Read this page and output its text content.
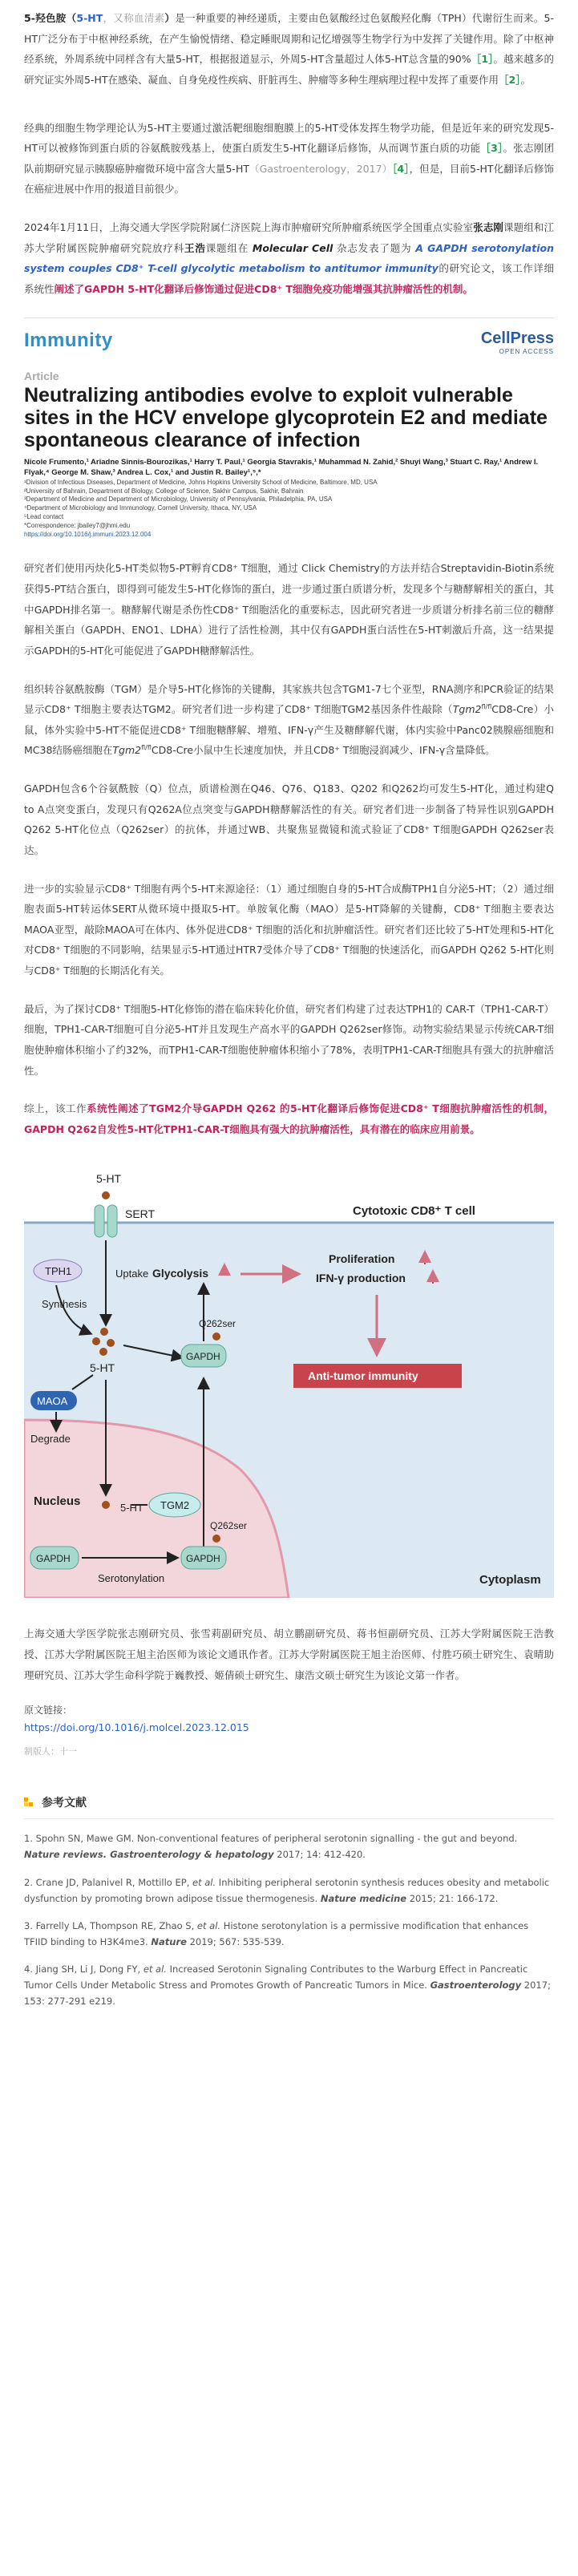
5-羟色胺（5-HT，又称血清素）是一种重要的神经递质，主要由色氨酸经过色氨酸羟化酶（TPH）代谢衍生而来。5-HT广泛分布于中枢神经系统，在产生愉悦情绪、稳定睡眠周期和记忆增强等生物学行为中发挥了关键作用。除了中枢神经系统，外周系统中同样含有大量5-HT，根据报道显示，外周5-HT含量超过人体5-HT总含量的90%［1］。越来越多的研究证实外周5-HT在感染、凝血、自身免疫性疾病、肝脏再生、肿瘤等多种生理病理过程中发挥了重要作用［2］。

经典的细胞生物学理论认为5-HT主要通过激活靶细胞细胞膜上的5-HT受体发挥生物学功能，但是近年来的研究发现5-HT可以被修饰到蛋白质的谷氨酰胺残基上，使蛋白质发生5-HT化翻译后修饰，从而调节蛋白质的功能［3］。张志刚团队前期研究显示胰腺癌肿瘤微环境中富含大量5-HT（Gastroenterology，2017）［4］，但是，目前5-HT化翻译后修饰在癌症进展中作用的报道目前很少。

2024年1月11日，上海交通大学医学院附属仁济医院上海市肿瘤研究所肿瘤系统医学全国重点实验室张志刚课题组和江苏大学附属医院肿瘤研究院放疗科王浩课题组在 Molecular Cell 杂志发表了题为 A GAPDH serotonylation system couples CD8⁺ T-cell glycolytic metabolism to antitumor immunity的研究论文，该工作详细系统性阐述了GAPDH 5-HT化翻译后修饰通过促进CD8⁺ T细胞免疫功能增强其抗肿瘤活性的机制。

Immunity	CellPress
OPEN ACCESS
Article
Neutralizing antibodies evolve to exploit vulnerable sites in the HCV envelope glycoprotein E2 and mediate spontaneous clearance of infection
Nicole Frumento,¹ Ariadne Sinnis-Bourozikas,¹ Harry T. Paul,¹ Georgia Stavrakis,¹ Muhammad N. Zahid,² Shuyi Wang,³ Stuart C. Ray,¹ Andrew I. Flyak,⁴ George M. Shaw,³ Andrea L. Cox,¹ and Justin R. Bailey¹,⁵,*
¹Division of Infectious Diseases, Department of Medicine, Johns Hopkins University School of Medicine, Baltimore, MD, USA
²University of Bahrain, Department of Biology, College of Science, Sakhir Campus, Sakhir, Bahrain
³Department of Medicine and Department of Microbiology, University of Pennsylvania, Philadelphia, PA, USA
⁴Department of Microbiology and Immunology, Cornell University, Ithaca, NY, USA
⁵Lead contact
*Correspondence: jbailey7@jhmi.edu
https://doi.org/10.1016/j.immuni.2023.12.004

研究者们使用丙炔化5-HT类似物5-PT孵育CD8⁺ T细胞，通过 Click Chemistry的方法并结合Streptavidin-Biotin系统获得5-PT结合蛋白，即得到可能发生5-HT化修饰的蛋白，进一步通过蛋白质谱分析，发现多个与糖酵解相关的蛋白，其中GAPDH排名第一。糖酵解代谢是杀伤性CD8⁺ T细胞活化的重要标志，因此研究者进一步质谱分析排名前三位的糖酵解相关蛋白（GAPDH、ENO1、LDHA）进行了活性检测，其中仅有GAPDH蛋白活性在5-HT刺激后升高，这一结果提示GAPDH的5-HT化可能促进了GAPDH糖酵解活性。

组织转谷氨酰胺酶（TGM）是介导5-HT化修饰的关键酶，其家族共包含TGM1-7七个亚型，RNA测序和PCR验证的结果显示CD8⁺ T细胞主要表达TGM2。研究者们进一步构建了CD8⁺ T细胞TGM2基因条件性敲除$(Tgm2^{fl/fl}CD8-Cre)$小鼠，体外实验中5-HT不能促进CD8⁺ T细胞糖酵解、增殖、IFN-γ产生及糖酵解代谢，体内实验中Panc02胰腺癌细胞和MC38结肠癌细胞在$Tgm2^{fl/fl}CD8$-Cre小鼠中生长速度加快，并且CD8⁺ T细胞浸润减少、IFN-γ含量降低。

GAPDH包含6个谷氨酰胺（Q）位点，质谱检测在Q46、Q76、Q183、Q202 和Q262均可发生5-HT化，通过构建Q to A点突变蛋白，发现只有Q262A位点突变与GAPDH糖酵解活性的有关。研究者们进一步制备了特异性识别GAPDH Q262 5-HT化位点（Q262ser）的抗体，并通过WB、共聚焦显微镜和流式验证了CD8⁺ T细胞GAPDH Q262ser表达。

进一步的实验显示CD8⁺ T细胞有两个5-HT来源途径：（1）通过细胞自身的5-HT合成酶TPH1自分泌5-HT；（2）通过细胞表面5-HT转运体SERT从微环境中摄取5-HT。单胺氧化酶（MAO）是5-HT降解的关键酶，CD8⁺ T细胞主要表达MAOA亚型，敲除MAOA可在体内、体外促进CD8⁺ T细胞的活化和抗肿瘤活性。研究者们还比较了5-HT处理和5-HT化对CD8⁺ T细胞的不同影响，结果显示5-HT通过HTR7受体介导了CD8⁺ T细胞的快速活化，而GAPDH Q262 5-HT化则与CD8⁺ T细胞的长期活化有关。

最后，为了探讨CD8⁺ T细胞5-HT化修饰的潜在临床转化价值，研究者们构建了过表达TPH1的 CAR-T（TPH1-CAR-T）细胞，TPH1-CAR-T细胞可自分泌5-HT并且发现生产高水平的GAPDH Q262ser修饰。动物实验结果显示传统CAR-T细胞使肿瘤体积缩小了约32%，而TPH1-CAR-T细胞使肿瘤体积缩小了78%，表明TPH1-CAR-T细胞具有强大的抗肿瘤活性。

综上，该工作系统性阐述了TGM2介导GAPDH Q262 的5-HT化翻译后修饰促进CD8⁺ T细胞抗肿瘤活性的机制，GAPDH Q262自发性5-HT化TPH1-CAR-T细胞具有强大的抗肿瘤活性，具有潜在的临床应用前景。

5-HT
SERT	Cytotoxic CD8⁺ T cell
TPH1
Synthesis
Uptake
5-HT
MAOA
Degrade
GAPDH
Q262ser
Glycolysis
Proliferation
IFN-γ production
Anti-tumor immunity
5-HT
Nucleus	TGM2
GAPDH
Serotonylation
GAPDH
Q262ser
Cytoplasm

上海交通大学医学院张志刚研究员、张雪莉副研究员、胡立鹏副研究员、蒋书恒副研究员、江苏大学附属医院王浩教授、江苏大学附属医院王旭主治医师为该论文通讯作者。江苏大学附属医院王旭主治医师、付胜巧硕士研究生、袁晴助理研究员、江苏大学生命科学院于巍教授、姬倩硕士研究生、康浩文硕士研究生为该论文第一作者。

原文链接：
https://doi.org/10.1016/j.molcel.2023.12.015
制版人：十一
参考文献
1. Spohn SN, Mawe GM. Non-conventional features of peripheral serotonin signalling - the gut and beyond. Nature reviews. Gastroenterology & hepatology 2017; 14: 412-420.
2. Crane JD, Palanivel R, Mottillo EP, et al. Inhibiting peripheral serotonin synthesis reduces obesity and metabolic dysfunction by promoting brown adipose tissue thermogenesis. Nature medicine 2015; 21: 166-172.
3. Farrelly LA, Thompson RE, Zhao S, et al. Histone serotonylation is a permissive modification that enhances TFIID binding to H3K4me3. Nature 2019; 567: 535-539.
4. Jiang SH, Li J, Dong FY, et al. Increased Serotonin Signaling Contributes to the Warburg Effect in Pancreatic Tumor Cells Under Metabolic Stress and Promotes Growth of Pancreatic Tumors in Mice. Gastroenterology 2017; 153: 277-291 e219.
